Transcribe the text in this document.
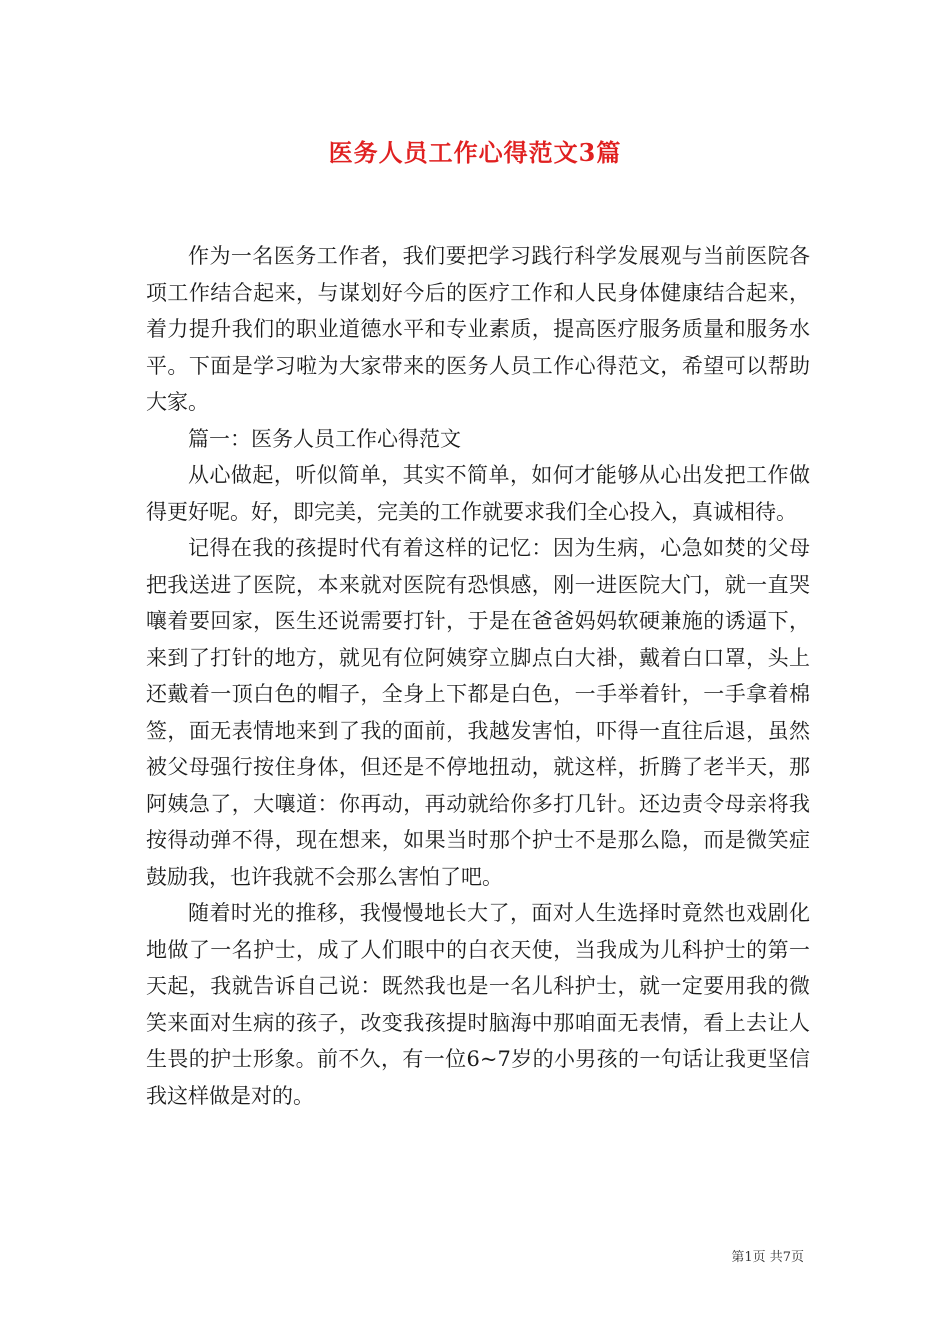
医务人员工作心得范文3篇

作为一名医务工作者，我们要把学习践行科学发展观与当前医院各项工作结合起来，与谋划好今后的医疗工作和人民身体健康结合起来，着力提升我们的职业道德水平和专业素质，提高医疗服务质量和服务水平。下面是学习啦为大家带来的医务人员工作心得范文，希望可以帮助大家。

篇一：医务人员工作心得范文

从心做起，听似简单，其实不简单，如何才能够从心出发把工作做得更好呢。好，即完美，完美的工作就要求我们全心投入，真诚相待。

记得在我的孩提时代有着这样的记忆：因为生病，心急如焚的父母把我送进了医院，本来就对医院有恐惧感，刚一进医院大门，就一直哭嚷着要回家，医生还说需要打针，于是在爸爸妈妈软硬兼施的诱逼下，来到了打针的地方，就见有位阿姨穿立脚点白大褂，戴着白口罩，头上还戴着一顶白色的帽子，全身上下都是白色，一手举着针，一手拿着棉签，面无表情地来到了我的面前，我越发害怕，吓得一直往后退，虽然被父母强行按住身体，但还是不停地扭动，就这样，折腾了老半天，那阿姨急了，大嚷道：你再动，再动就给你多打几针。还边责令母亲将我按得动弹不得，现在想来，如果当时那个护士不是那么隐，而是微笑症鼓励我，也许我就不会那么害怕了吧。

随着时光的推移，我慢慢地长大了，面对人生选择时竟然也戏剧化地做了一名护士，成了人们眼中的白衣天使，当我成为儿科护士的第一天起，我就告诉自己说：既然我也是一名儿科护士，就一定要用我的微笑来面对生病的孩子，改变我孩提时脑海中那咱面无表情，看上去让人生畏的护士形象。前不久，有一位6~7岁的小男孩的一句话让我更坚信我这样做是对的。

第1页 共7页
